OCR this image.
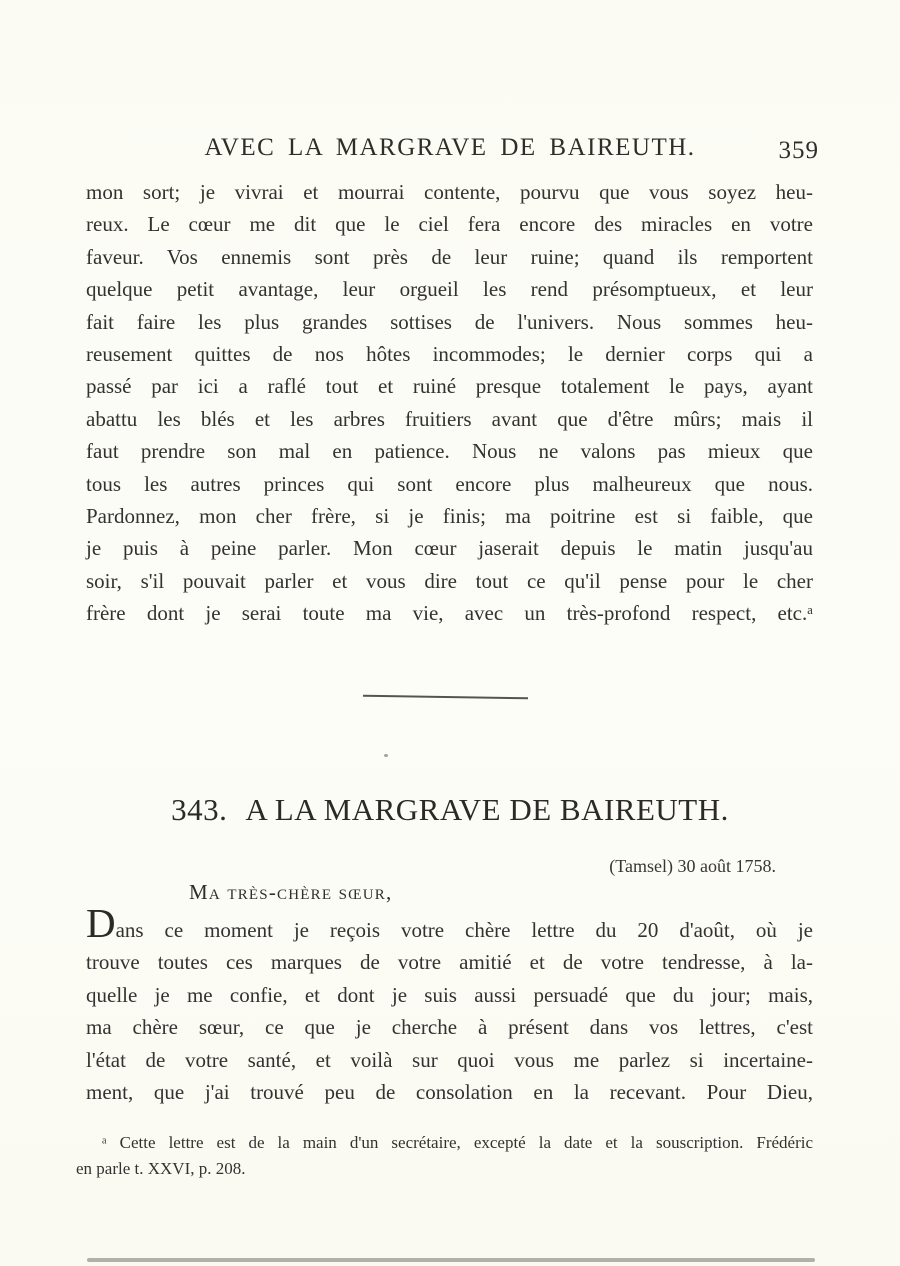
AVEC LA MARGRAVE DE BAIREUTH.	359
mon sort; je vivrai et mourrai contente, pourvu que vous soyez heu-
reux. Le cœur me dit que le ciel fera encore des miracles en votre
faveur. Vos ennemis sont près de leur ruine; quand ils remportent
quelque petit avantage, leur orgueil les rend présomptueux, et leur
fait faire les plus grandes sottises de l'univers. Nous sommes heu-
reusement quittes de nos hôtes incommodes; le dernier corps qui a
passé par ici a raflé tout et ruiné presque totalement le pays, ayant
abattu les blés et les arbres fruitiers avant que d'être mûrs; mais il
faut prendre son mal en patience. Nous ne valons pas mieux que
tous les autres princes qui sont encore plus malheureux que nous.
Pardonnez, mon cher frère, si je finis; ma poitrine est si faible, que
je puis à peine parler. Mon cœur jaserait depuis le matin jusqu'au
soir, s'il pouvait parler et vous dire tout ce qu'il pense pour le cher
frère dont je serai toute ma vie, avec un très-profond respect, etc.ᵃ
343. A LA MARGRAVE DE BAIREUTH.
(Tamsel) 30 août 1758.
Ma très-chère sœur,
Dans ce moment je reçois votre chère lettre du 20 d'août, où je
trouve toutes ces marques de votre amitié et de votre tendresse, à la-
quelle je me confie, et dont je suis aussi persuadé que du jour; mais,
ma chère sœur, ce que je cherche à présent dans vos lettres, c'est
l'état de votre santé, et voilà sur quoi vous me parlez si incertaine-
ment, que j'ai trouvé peu de consolation en la recevant. Pour Dieu,
ᵃ Cette lettre est de la main d'un secrétaire, excepté la date et la souscription. Frédéric
en parle t. XXVI, p. 208.
